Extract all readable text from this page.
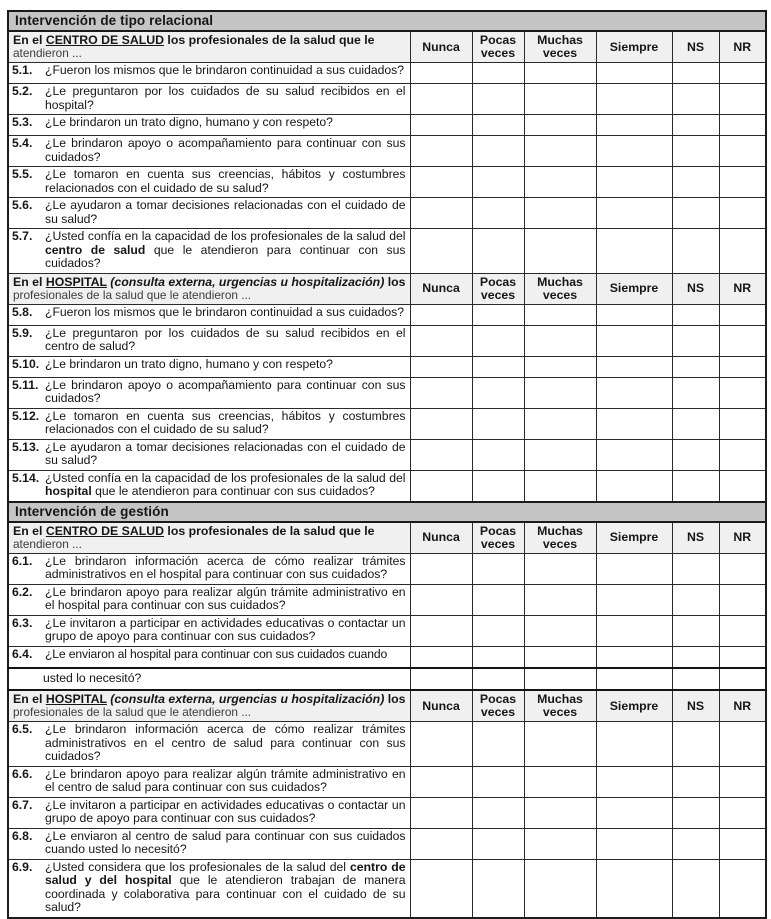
Intervención de tipo relacional						

En el CENTRO DE SALUD los profesionales de la salud que le
atendieron ...	Nunca	Pocas veces	Muchas veces	Siempre	NS	NR

5.1. ¿Fueron los mismos que le brindaron continuidad a sus cuidados?						

5.2. ¿Le preguntaron por los cuidados de su salud recibidos en el hospital?						

5.3. ¿Le brindaron un trato digno, humano y con respeto?						

5.4. ¿Le brindaron apoyo o acompañamiento para continuar con sus cuidados?						

5.5. ¿Le tomaron en cuenta sus creencias, hábitos y costumbres relacionados con el cuidado de su salud?						

5.6. ¿Le ayudaron a tomar decisiones relacionadas con el cuidado de su salud?						

5.7. ¿Usted confía en la capacidad de los profesionales de la salud del centro de salud que le atendieron para continuar con sus cuidados?						

En el HOSPITAL (consulta externa, urgencias u hospitalización) los
profesionales de la salud que le atendieron ...	Nunca	Pocas veces	Muchas veces	Siempre	NS	NR

5.8. ¿Fueron los mismos que le brindaron continuidad a sus cuidados?						

5.9. ¿Le preguntaron por los cuidados de su salud recibidos en el centro de salud?						

5.10. ¿Le brindaron un trato digno, humano y con respeto?						

5.11. ¿Le brindaron apoyo o acompañamiento para continuar con sus cuidados?						

5.12. ¿Le tomaron en cuenta sus creencias, hábitos y costumbres relacionados con el cuidado de su salud?						

5.13. ¿Le ayudaron a tomar decisiones relacionadas con el cuidado de su salud?						

5.14. ¿Usted confía en la capacidad de los profesionales de la salud del hospital que le atendieron para continuar con sus cuidados?						

Intervención de gestión						

En el CENTRO DE SALUD los profesionales de la salud que le
atendieron ...	Nunca	Pocas veces	Muchas veces	Siempre	NS	NR

6.1. ¿Le brindaron información acerca de cómo realizar trámites administrativos en el hospital para continuar con sus cuidados?						

6.2. ¿Le brindaron apoyo para realizar algún trámite administrativo en el hospital para continuar con sus cuidados?						

6.3. ¿Le invitaron a participar en actividades educativas o contactar un grupo de apoyo para continuar con sus cuidados?						

6.4. ¿Le enviaron al hospital para continuar con sus cuidados cuando						

usted lo necesitó?						

En el HOSPITAL (consulta externa, urgencias u hospitalización) los
profesionales de la salud que le atendieron ...	Nunca	Pocas veces	Muchas veces	Siempre	NS	NR

6.5. ¿Le brindaron información acerca de cómo realizar trámites administrativos en el centro de salud para continuar con sus cuidados?						

6.6. ¿Le brindaron apoyo para realizar algún trámite administrativo en el centro de salud para continuar con sus cuidados?						

6.7. ¿Le invitaron a participar en actividades educativas o contactar un grupo de apoyo para continuar con sus cuidados?						

6.8. ¿Le enviaron al centro de salud para continuar con sus cuidados cuando usted lo necesitó?						

6.9. ¿Usted considera que los profesionales de la salud del centro de salud y del hospital que le atendieron trabajan de manera coordinada y colaborativa para continuar con el cuidado de su salud?						
